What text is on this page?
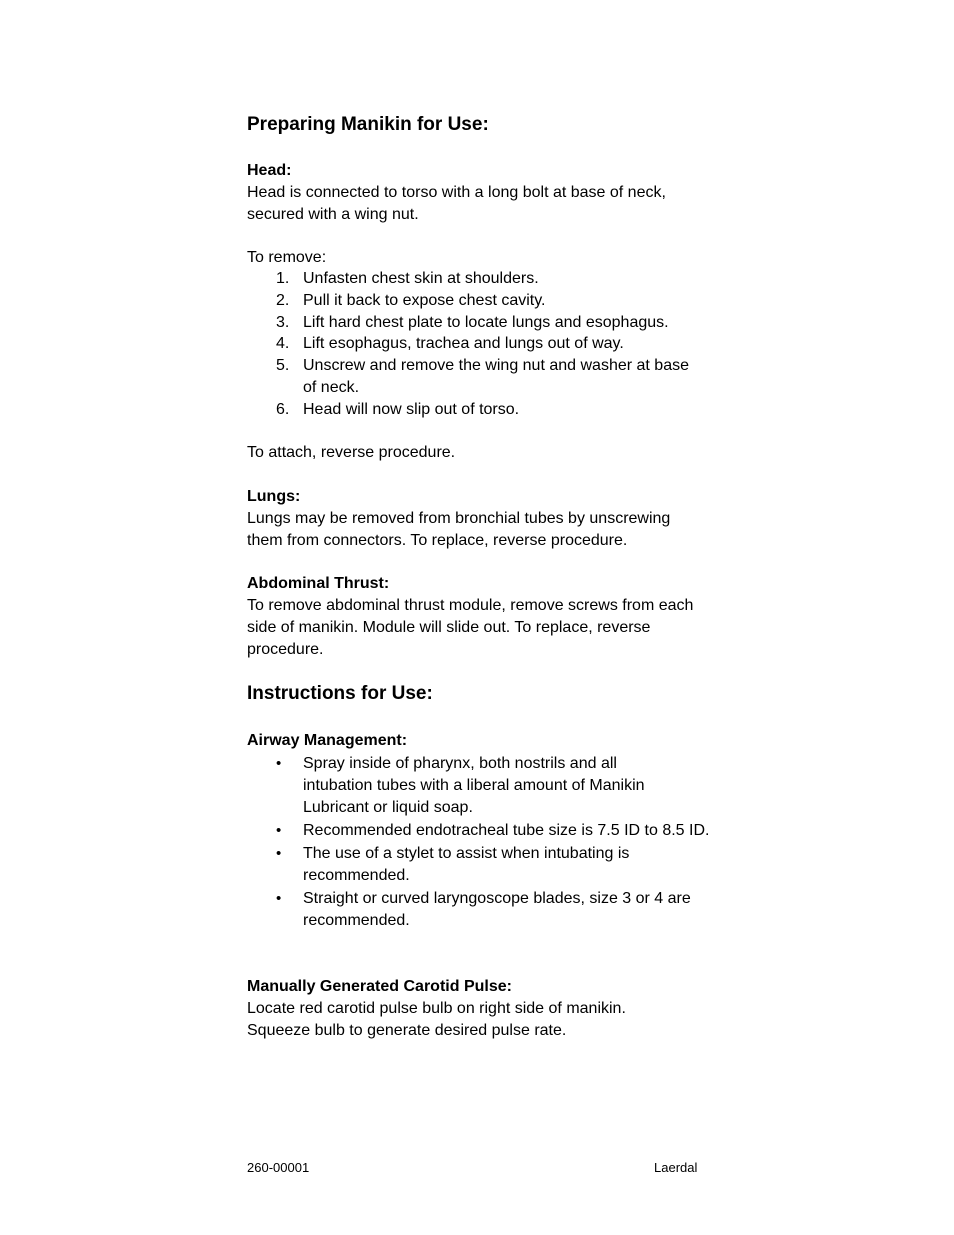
Preparing Manikin for Use:
Head:

Head is connected to torso with a long bolt at base of neck, secured with a wing nut.

To remove:

1. Unfasten chest skin at shoulders.
2. Pull it back to expose chest cavity.
3. Lift hard chest plate to locate lungs and esophagus.
4. Lift esophagus, trachea and lungs out of way.
5. Unscrew and remove the wing nut and washer at base of neck.
6. Head will now slip out of torso.

To attach, reverse procedure.

Lungs:

Lungs may be removed from bronchial tubes by unscrewing them from connectors. To replace, reverse procedure.

Abdominal Thrust:

To remove abdominal thrust module, remove screws from each side of manikin. Module will slide out. To replace, reverse procedure.

Instructions for Use:
Airway Management:
•	Spray inside of pharynx, both nostrils and all intubation tubes with a liberal amount of Manikin Lubricant or liquid soap.
•	Recommended endotracheal tube size is 7.5 ID to 8.5 ID.
•	The use of a stylet to assist when intubating is recommended.
•	Straight or curved laryngoscope blades, size 3 or 4 are recommended.
Manually Generated Carotid Pulse:

Locate red carotid pulse bulb on right side of manikin. Squeeze bulb to generate desired pulse rate.

260-00001	Laerdal
